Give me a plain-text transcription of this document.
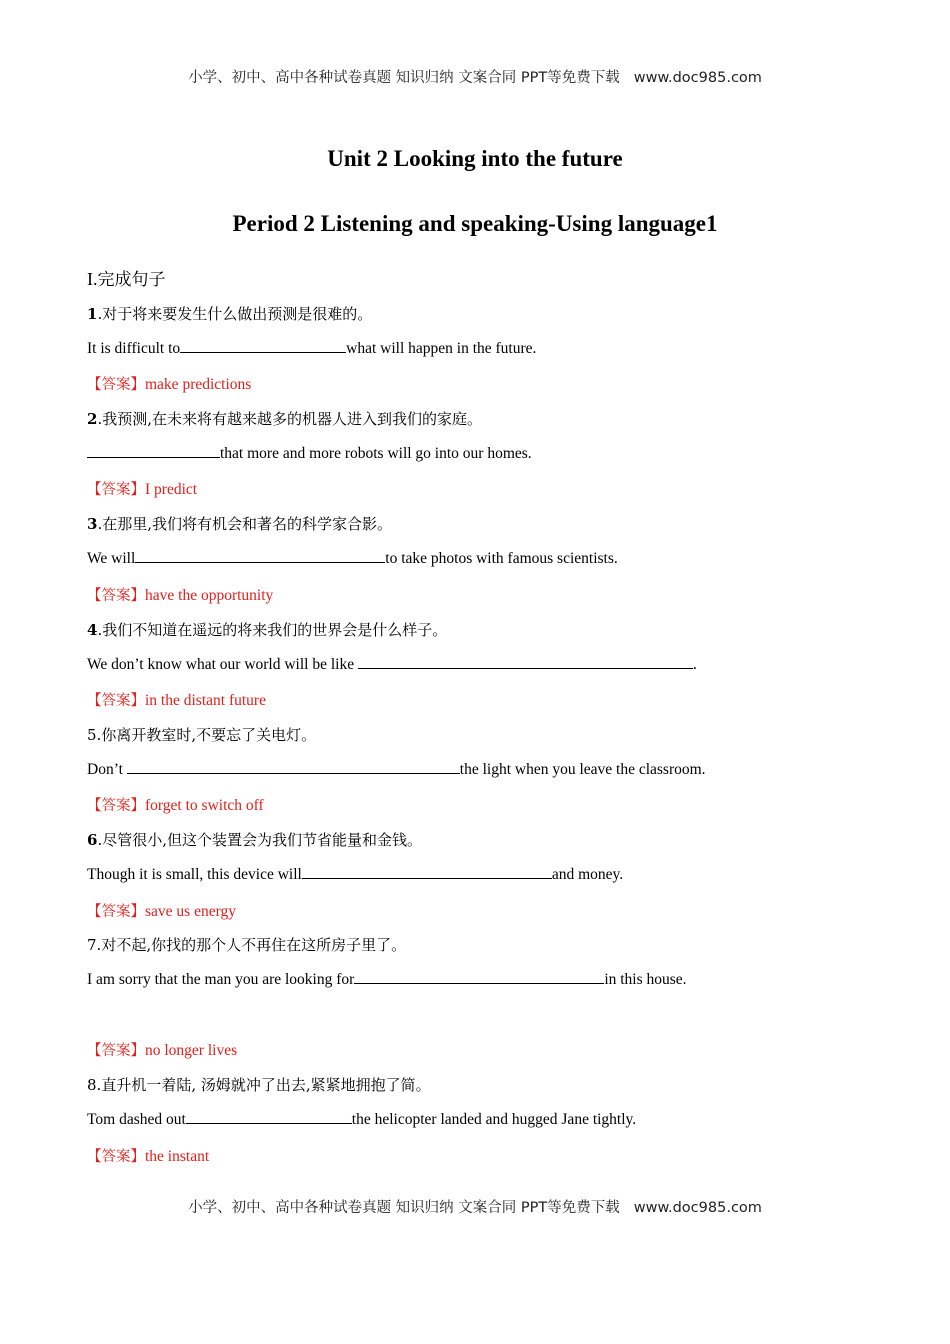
小学、初中、高中各种试卷真题 知识归纳 文案合同 PPT等免费下载 www.doc985.com
Unit 2 Looking into the future
Period 2 Listening and speaking-Using language1
I.完成句子
1.对于将来要发生什么做出预测是很难的。
It is difficult to	what will happen in the future.
【答案】make predictions
2.我预测,在未来将有越来越多的机器人进入到我们的家庭。
that more and more robots will go into our homes.
【答案】I predict
3.在那里,我们将有机会和著名的科学家合影。
We will	to take photos with famous scientists.
【答案】have the opportunity
4.我们不知道在遥远的将来我们的世界会是什么样子。
We don’t know what our world will be like	.
【答案】in the distant future
5.你离开教室时,不要忘了关电灯。
Don’t	the light when you leave the classroom.
【答案】forget to switch off
6.尽管很小,但这个装置会为我们节省能量和金钱。
Though it is small, this device will	and money.
【答案】save us energy
7.对不起,你找的那个人不再住在这所房子里了。
I am sorry that the man you are looking for	in this house.
【答案】no longer lives
8.直升机一着陆, 汤姆就冲了出去,紧紧地拥抱了简。
Tom dashed out	the helicopter landed and hugged Jane tightly.
【答案】the instant
小学、初中、高中各种试卷真题 知识归纳 文案合同 PPT等免费下载 www.doc985.com
